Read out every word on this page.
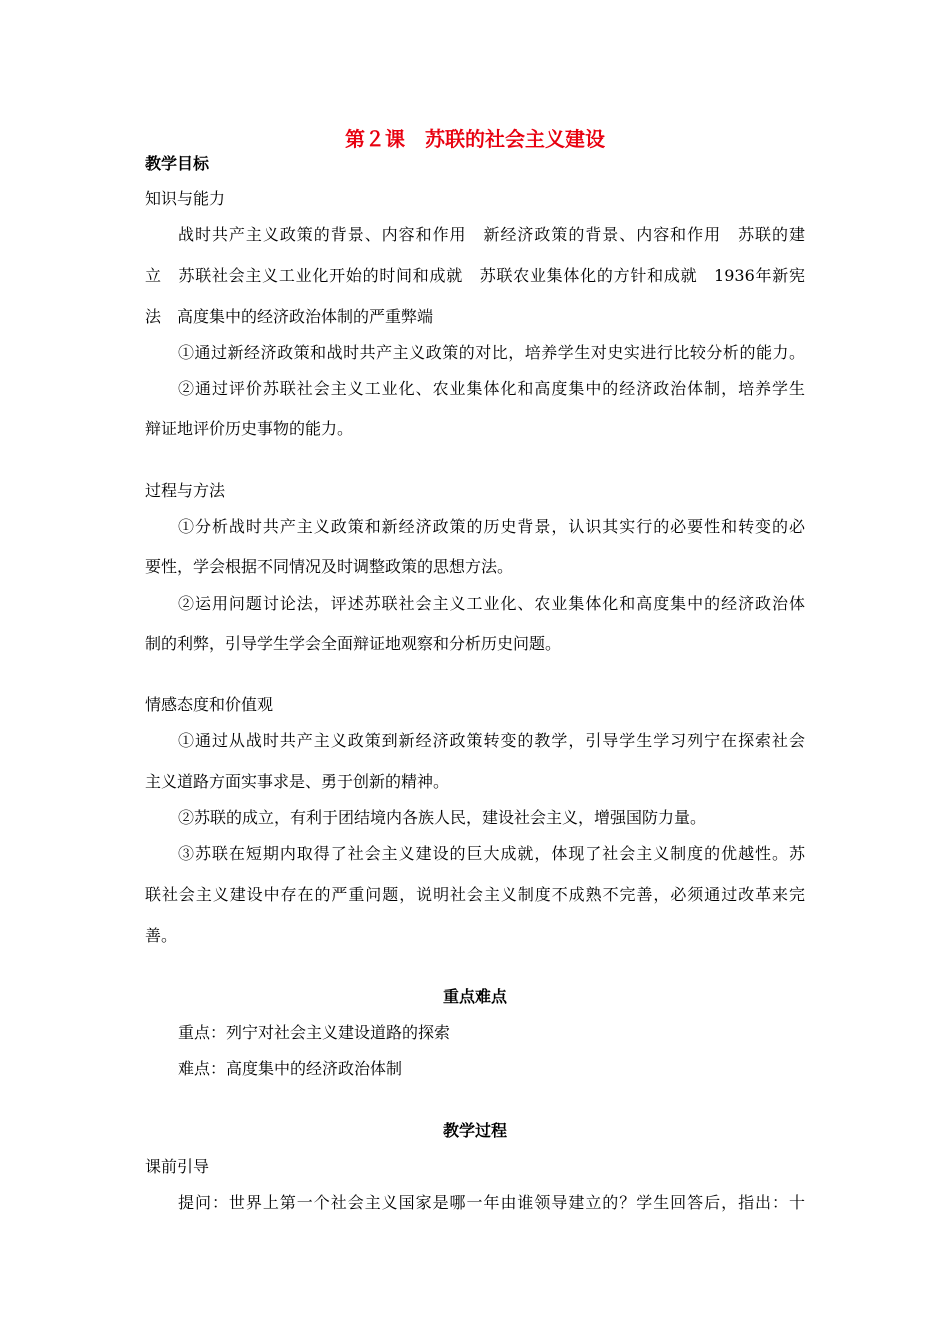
第２课　苏联的社会主义建设
教学目标
知识与能力
战时共产主义政策的背景、内容和作用　新经济政策的背景、内容和作用　苏联的建
立　苏联社会主义工业化开始的时间和成就　苏联农业集体化的方针和成就　1936年新宪
法　高度集中的经济政治体制的严重弊端
①通过新经济政策和战时共产主义政策的对比，培养学生对史实进行比较分析的能力。
②通过评价苏联社会主义工业化、农业集体化和高度集中的经济政治体制，培养学生
辩证地评价历史事物的能力。
过程与方法
①分析战时共产主义政策和新经济政策的历史背景，认识其实行的必要性和转变的必
要性，学会根据不同情况及时调整政策的思想方法。
②运用问题讨论法，评述苏联社会主义工业化、农业集体化和高度集中的经济政治体
制的利弊，引导学生学会全面辩证地观察和分析历史问题。
情感态度和价值观
①通过从战时共产主义政策到新经济政策转变的教学，引导学生学习列宁在探索社会
主义道路方面实事求是、勇于创新的精神。
②苏联的成立，有利于团结境内各族人民，建设社会主义，增强国防力量。
③苏联在短期内取得了社会主义建设的巨大成就，体现了社会主义制度的优越性。苏
联社会主义建设中存在的严重问题，说明社会主义制度不成熟不完善，必须通过改革来完
善。
重点难点
重点：列宁对社会主义建设道路的探索
难点：高度集中的经济政治体制
教学过程
课前引导
提问：世界上第一个社会主义国家是哪一年由谁领导建立的？学生回答后，指出：十
